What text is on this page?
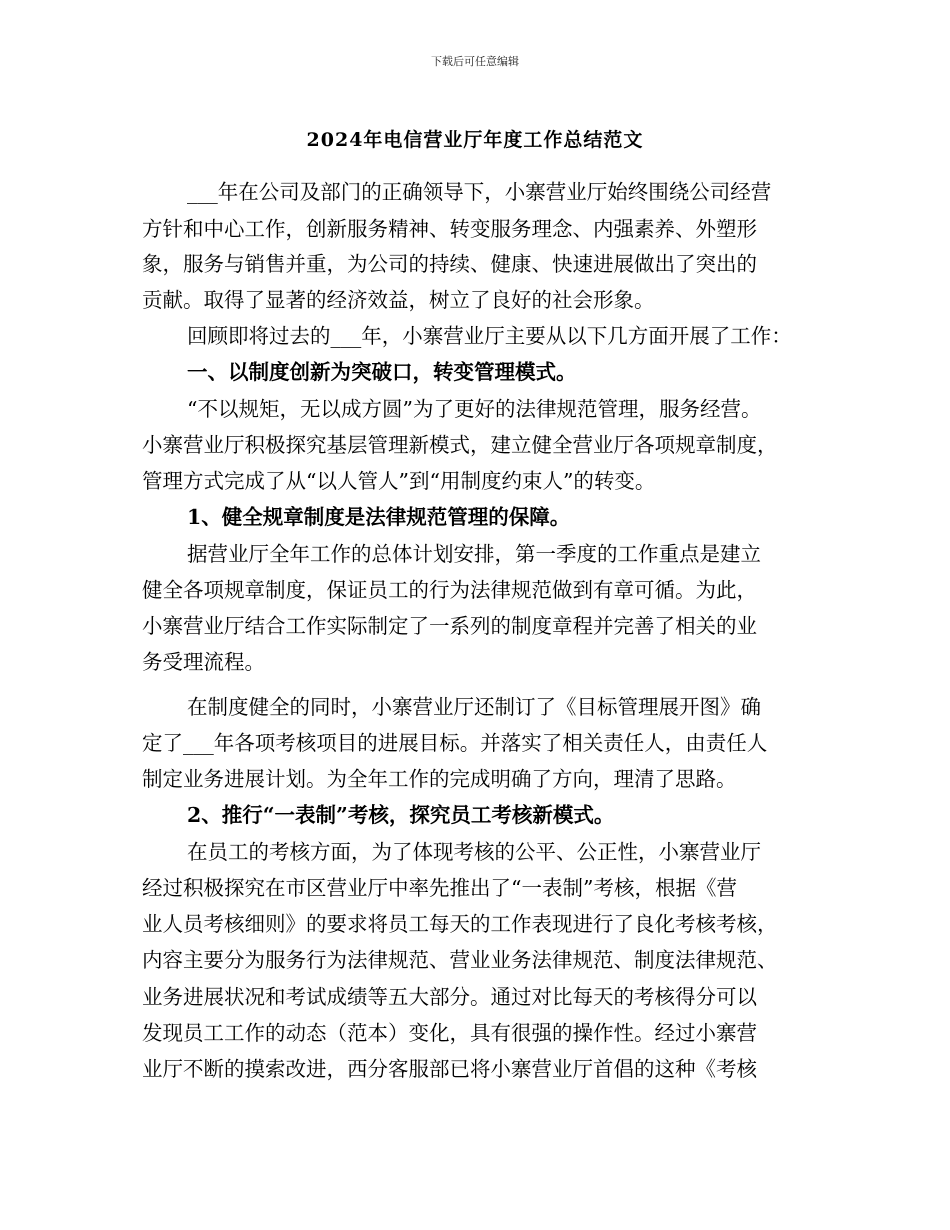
下载后可任意编辑
2024年电信营业厅年度工作总结范文
___年在公司及部门的正确领导下，小寨营业厅始终围绕公司经营
方针和中心工作，创新服务精神、转变服务理念、内强素养、外塑形
象，服务与销售并重，为公司的持续、健康、快速进展做出了突出的
贡献。取得了显著的经济效益，树立了良好的社会形象。
回顾即将过去的___年，小寨营业厅主要从以下几方面开展了工作：
一、以制度创新为突破口，转变管理模式。
“不以规矩，无以成方圆”为了更好的法律规范管理，服务经营。
小寨营业厅积极探究基层管理新模式，建立健全营业厅各项规章制度，
管理方式完成了从“以人管人”到“用制度约束人”的转变。
1、健全规章制度是法律规范管理的保障。
据营业厅全年工作的总体计划安排，第一季度的工作重点是建立
健全各项规章制度，保证员工的行为法律规范做到有章可循。为此，
小寨营业厅结合工作实际制定了一系列的制度章程并完善了相关的业
务受理流程。
在制度健全的同时，小寨营业厅还制订了《目标管理展开图》确
定了___年各项考核项目的进展目标。并落实了相关责任人，由责任人
制定业务进展计划。为全年工作的完成明确了方向，理清了思路。
2、推行“一表制”考核，探究员工考核新模式。
在员工的考核方面，为了体现考核的公平、公正性，小寨营业厅
经过积极探究在市区营业厅中率先推出了“一表制”考核，根据《营
业人员考核细则》的要求将员工每天的工作表现进行了良化考核考核，
内容主要分为服务行为法律规范、营业业务法律规范、制度法律规范、
业务进展状况和考试成绩等五大部分。通过对比每天的考核得分可以
发现员工工作的动态（范本）变化，具有很强的操作性。经过小寨营
业厅不断的摸索改进，西分客服部已将小寨营业厅首倡的这种《考核
